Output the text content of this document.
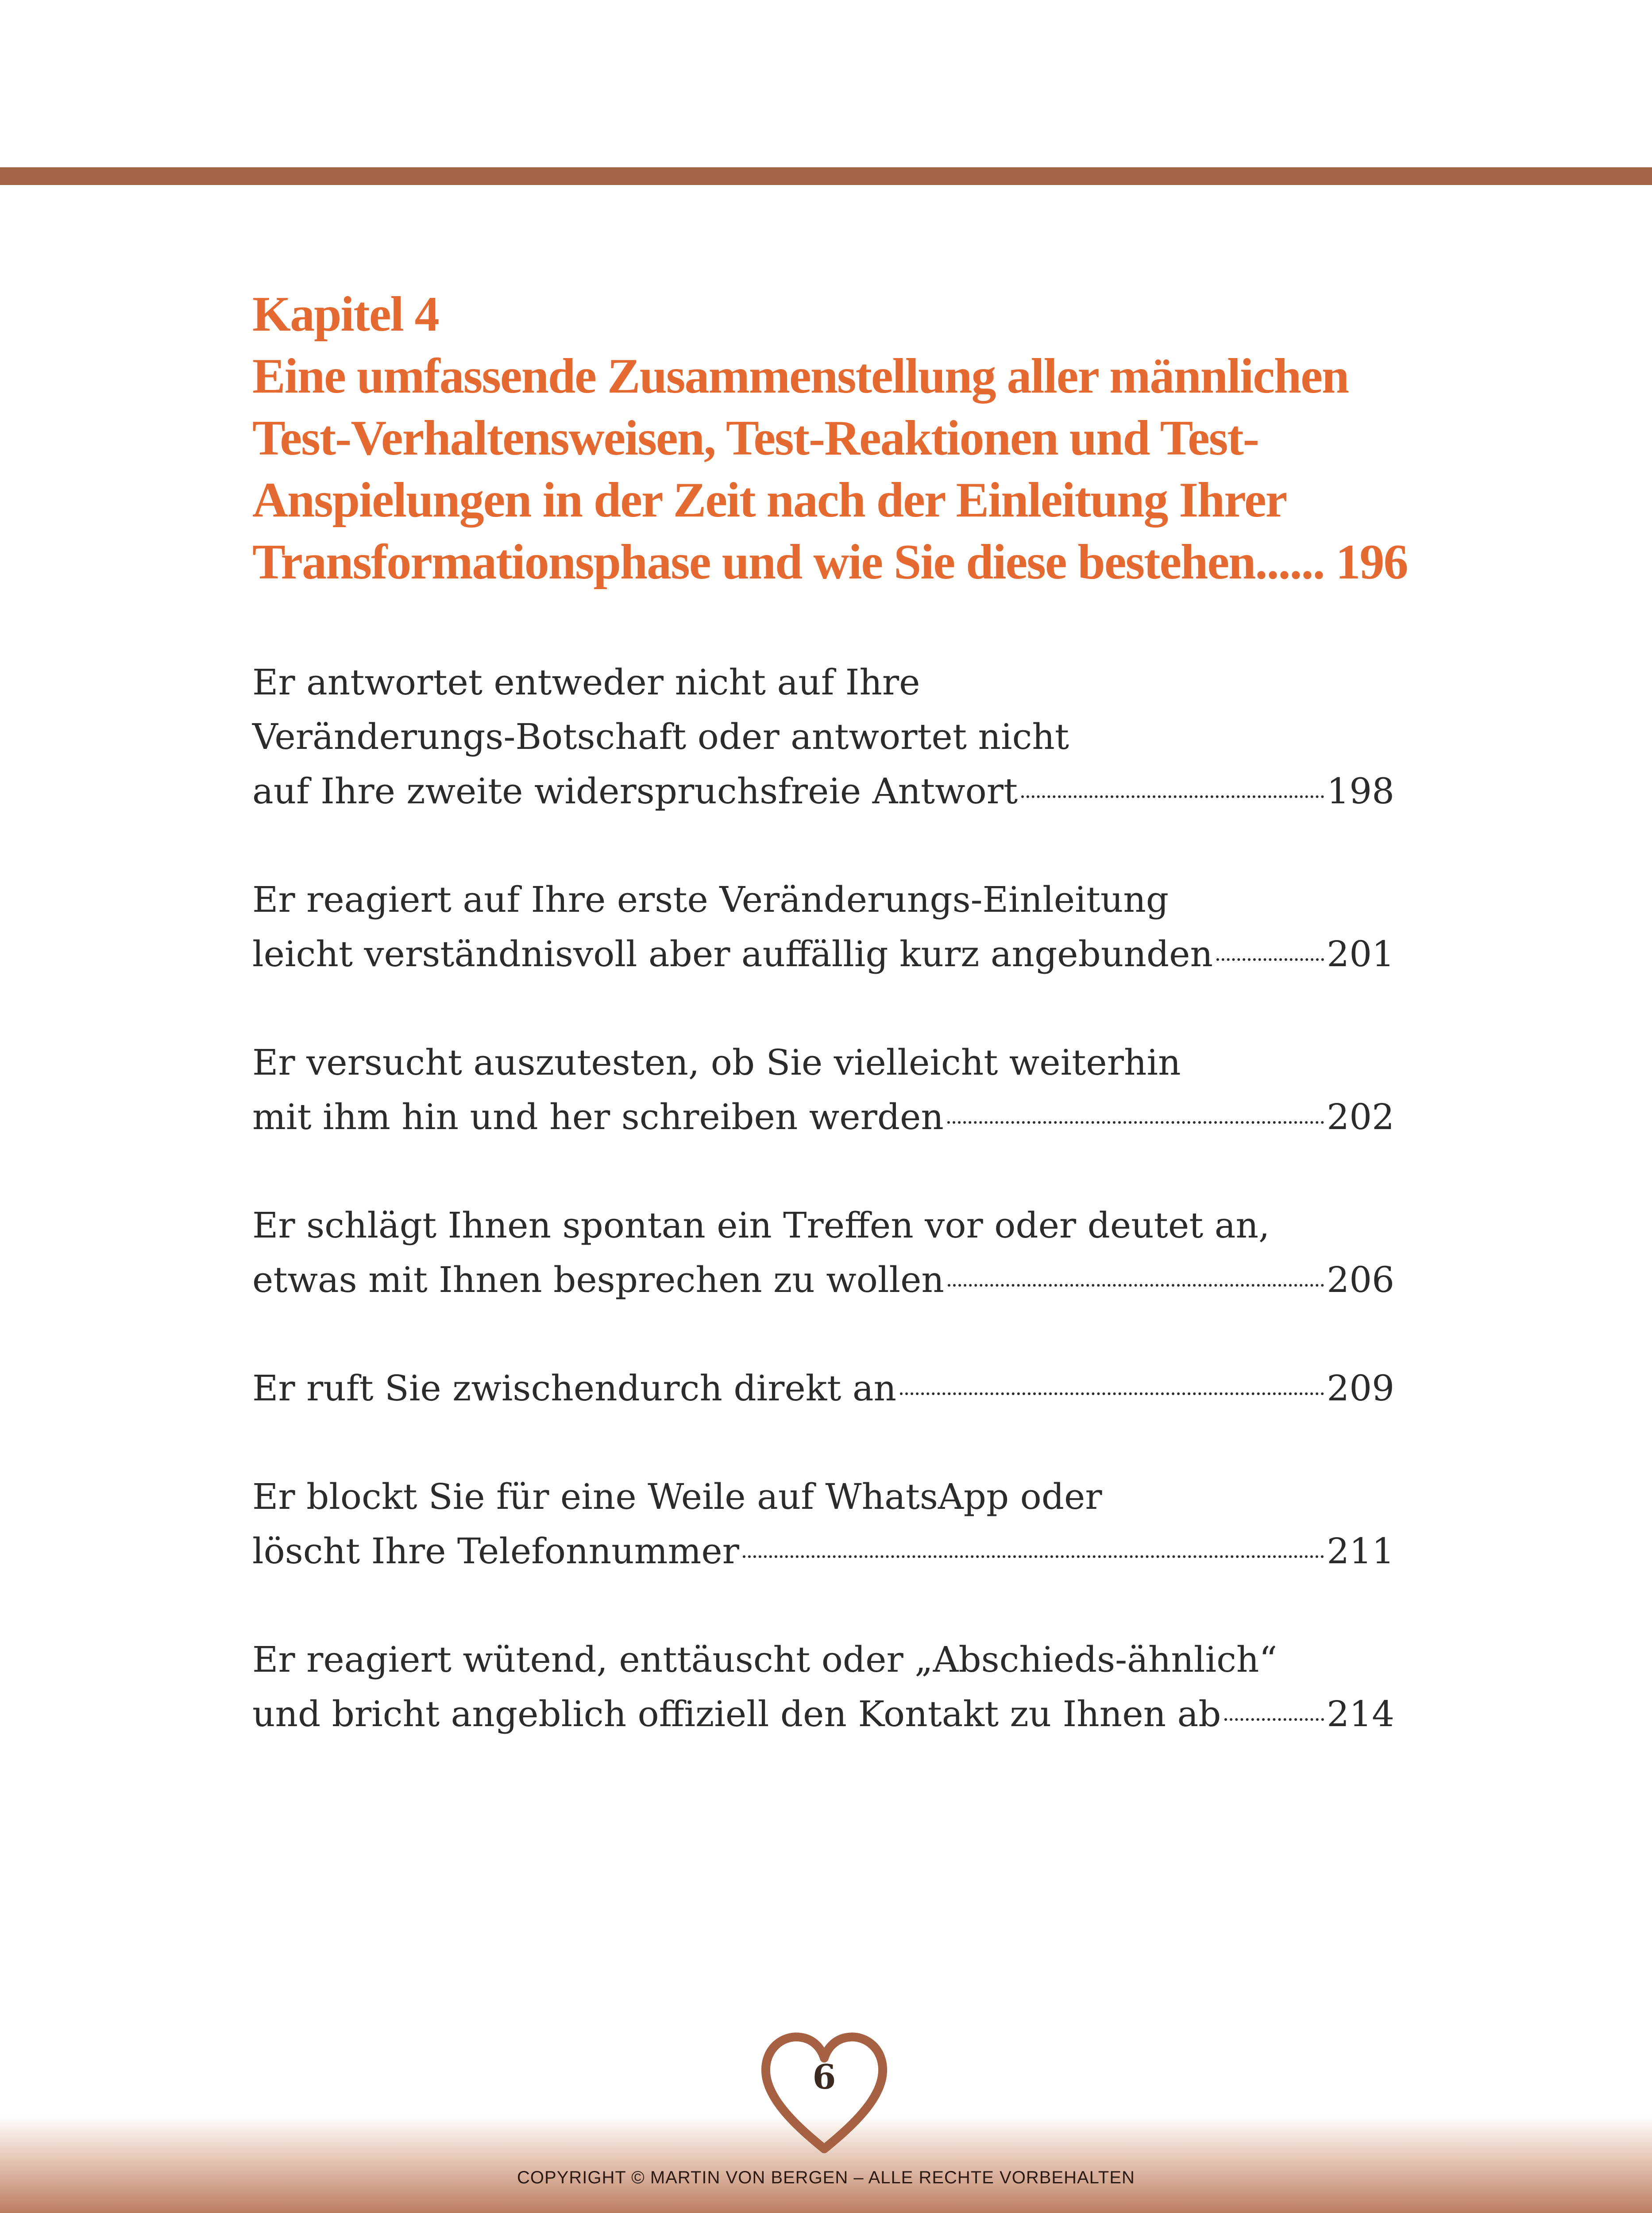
Kapitel 4
Eine umfassende Zusammenstellung aller männlichen
Test-Verhaltensweisen, Test-Reaktionen und Test-
Anspielungen in der Zeit nach der Einleitung Ihrer
Transformationsphase und wie Sie diese bestehen...... 196
Er antwortet entweder nicht auf Ihre
Veränderungs-Botschaft oder antwortet nicht
auf Ihre zweite widerspruchsfreie Antwort	198
Er reagiert auf Ihre erste Veränderungs-Einleitung
leicht verständnisvoll aber auffällig kurz angebunden	201
Er versucht auszutesten, ob Sie vielleicht weiterhin
mit ihm hin und her schreiben werden	202
Er schlägt Ihnen spontan ein Treffen vor oder deutet an,
etwas mit Ihnen besprechen zu wollen	206
Er ruft Sie zwischendurch direkt an	209
Er blockt Sie für eine Weile auf WhatsApp oder
löscht Ihre Telefonnummer	211
Er reagiert wütend, enttäuscht oder „Abschieds-ähnlich“
und bricht angeblich offiziell den Kontakt zu Ihnen ab	214
6
COPYRIGHT © MARTIN VON BERGEN – ALLE RECHTE VORBEHALTEN
